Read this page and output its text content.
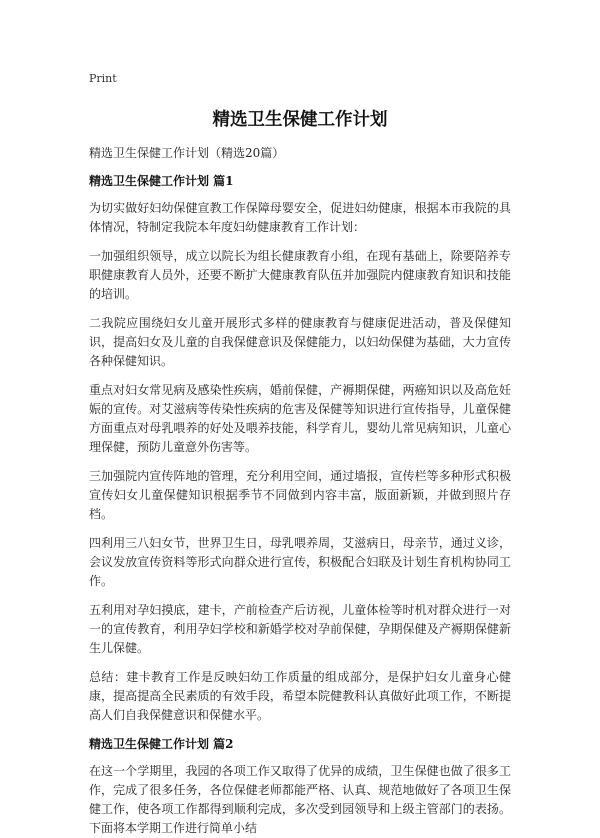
Print
精选卫生保健工作计划
精选卫生保健工作计划（精选20篇）
精选卫生保健工作计划 篇1

为切实做好妇幼保健宣教工作保障母婴安全，促进妇幼健康，根据本市我院的具体情况，特制定我院本年度妇幼健康教育工作计划：

一加强组织领导，成立以院长为组长健康教育小组，在现有基础上，除要陪养专职健康教育人员外，还要不断扩大健康教育队伍并加强院内健康教育知识和技能的培训。

二我院应围绕妇女儿童开展形式多样的健康教育与健康促进活动，普及保健知识，提高妇女及儿童的自我保健意识及保健能力，以妇幼保健为基础，大力宣传各种保健知识。

重点对妇女常见病及感染性疾病，婚前保健，产褥期保健，两癌知识以及高危妊娠的宣传。对艾滋病等传染性疾病的危害及保健等知识进行宣传指导，儿童保健方面重点对母乳喂养的好处及喂养技能，科学育儿，婴幼儿常见病知识，儿童心理保健，预防儿童意外伤害等。

三加强院内宣传阵地的管理，充分利用空间，通过墙报，宣传栏等多种形式积极宣传妇女儿童保健知识根据季节不同做到内容丰富，版面新颖，并做到照片存档。

四利用三八妇女节，世界卫生日，母乳喂养周，艾滋病日，母亲节，通过义诊，会议发放宣传资料等形式向群众进行宣传，积极配合妇联及计划生育机构协同工作。

五利用对孕妇摸底，建卡，产前检查产后访视，儿童体检等时机对群众进行一对一的宣传教育，利用孕妇学校和新婚学校对孕前保健，孕期保健及产褥期保健新生儿保健。

总结：建卡教育工作是反映妇幼工作质量的组成部分，是保护妇女儿童身心健康，提高提高全民素质的有效手段，希望本院健教科认真做好此项工作，不断提高人们自我保健意识和保健水平。

精选卫生保健工作计划 篇2

在这一个学期里，我园的各项工作又取得了优异的成绩，卫生保健也做了很多工作，完成了很多任务，各位保健老师都能严格、认真、规范地做好了各项卫生保健工作，使各项工作都得到顺利完成，多次受到园领导和上级主管部门的表扬。下面将本学期工作进行简单小结
